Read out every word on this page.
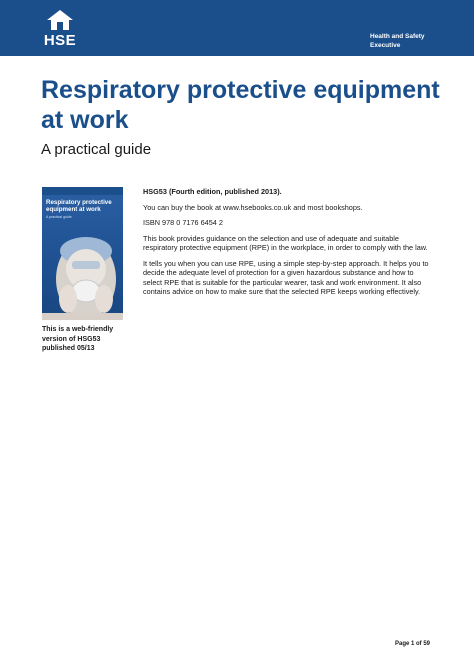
HSE	Health and Safety
Executive
Respiratory protective equipment at work
A practical guide
Respiratory protective equipment at work
A practical guide
This is a web-friendly
version of HSG53
published 05/13

HSG53 (Fourth edition, published 2013).

You can buy the book at www.hsebooks.co.uk and most bookshops.

ISBN 978 0 7176 6454 2

This book provides guidance on the selection and use of adequate and suitable respiratory protective equipment (RPE) in the workplace, in order to comply with the law.

It tells you when you can use RPE, using a simple step-by-step approach. It helps you to decide the adequate level of protection for a given hazardous substance and how to select RPE that is suitable for the particular wearer, task and work environment. It also contains advice on how to make sure that the selected RPE keeps working effectively.

Page 1 of 59
